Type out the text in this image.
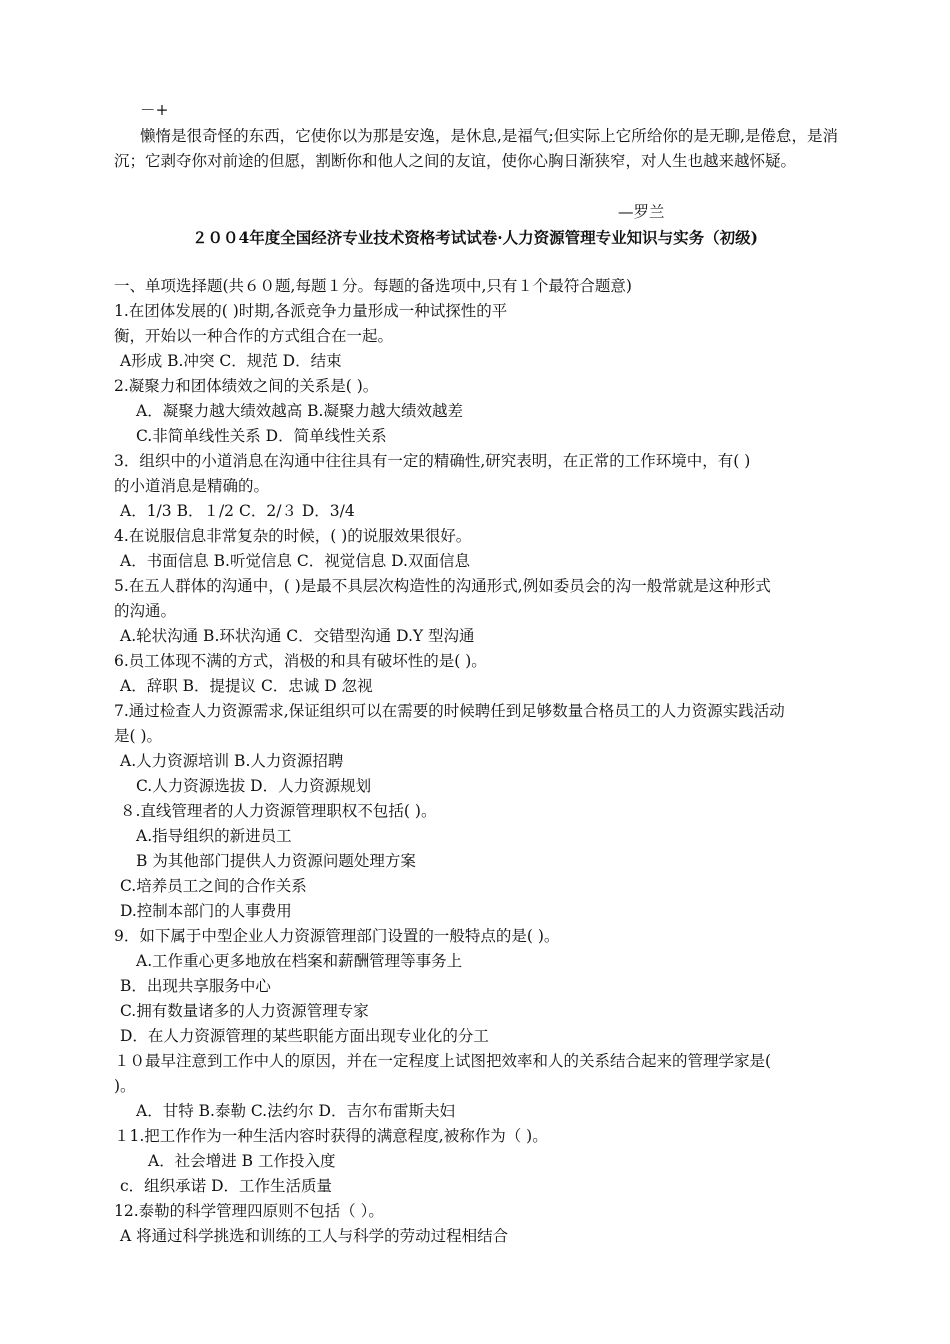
－+
懒惰是很奇怪的东西，它使你以为那是安逸，是休息,是福气;但实际上它所给你的是无聊,是倦怠，是消沉；它剥夺你对前途的但愿，割断你和他人之间的友谊，使你心胸日渐狭窄，对人生也越来越怀疑。
—罗兰
２００4年度全国经济专业技术资格考试试卷·人力资源管理专业知识与实务（初级)
一、单项选择题(共６０题,每题１分。每题的备选项中,只有１个最符合题意)
1.在团体发展的( )时期,各派竞争力量形成一种试探性的平
衡，开始以一种合作的方式组合在一起。
A形成 B.冲突 C．规范 D．结束
2.凝聚力和团体绩效之间的关系是( )。
A．凝聚力越大绩效越高 B.凝聚力越大绩效越差
C.非简单线性关系 D．简单线性关系
3．组织中的小道消息在沟通中往往具有一定的精确性,研究表明，在正常的工作环境中，有( )
的小道消息是精确的。
A．1/3 B．１/2 C．2/３ D．3/4
4.在说服信息非常复杂的时候，( )的说服效果很好。
A．书面信息 B.听觉信息 C．视觉信息 D.双面信息
5.在五人群体的沟通中，( )是最不具层次构造性的沟通形式,例如委员会的沟一般常就是这种形式
的沟通。
A.轮状沟通 B.环状沟通 C．交错型沟通 D.Y 型沟通
6.员工体现不满的方式，消极的和具有破坏性的是( )。
A．辞职 B．提提议 C．忠诚 D 忽视
7.通过检查人力资源需求,保证组织可以在需要的时候聘任到足够数量合格员工的人力资源实践活动
是( )。
A.人力资源培训 B.人力资源招聘
C.人力资源选拔 D．人力资源规划
８.直线管理者的人力资源管理职权不包括( )。
A.指导组织的新进员工
B 为其他部门提供人力资源问题处理方案
C.培养员工之间的合作关系
D.控制本部门的人事费用
9．如下属于中型企业人力资源管理部门设置的一般特点的是( )。
A.工作重心更多地放在档案和薪酬管理等事务上
B．出现共享服务中心
C.拥有数量诸多的人力资源管理专家
D．在人力资源管理的某些职能方面出现专业化的分工
１０最早注意到工作中人的原因，并在一定程度上试图把效率和人的关系结合起来的管理学家是(
)。
A．甘特 B.泰勒 C.法约尔 D．吉尔布雷斯夫妇
１1.把工作作为一种生活内容时获得的满意程度,被称作为（ )。
A．社会增进 B 工作投入度
c．组织承诺 D．工作生活质量
12.泰勒的科学管理四原则不包括（ ）。
A 将通过科学挑选和训练的工人与科学的劳动过程相结合
